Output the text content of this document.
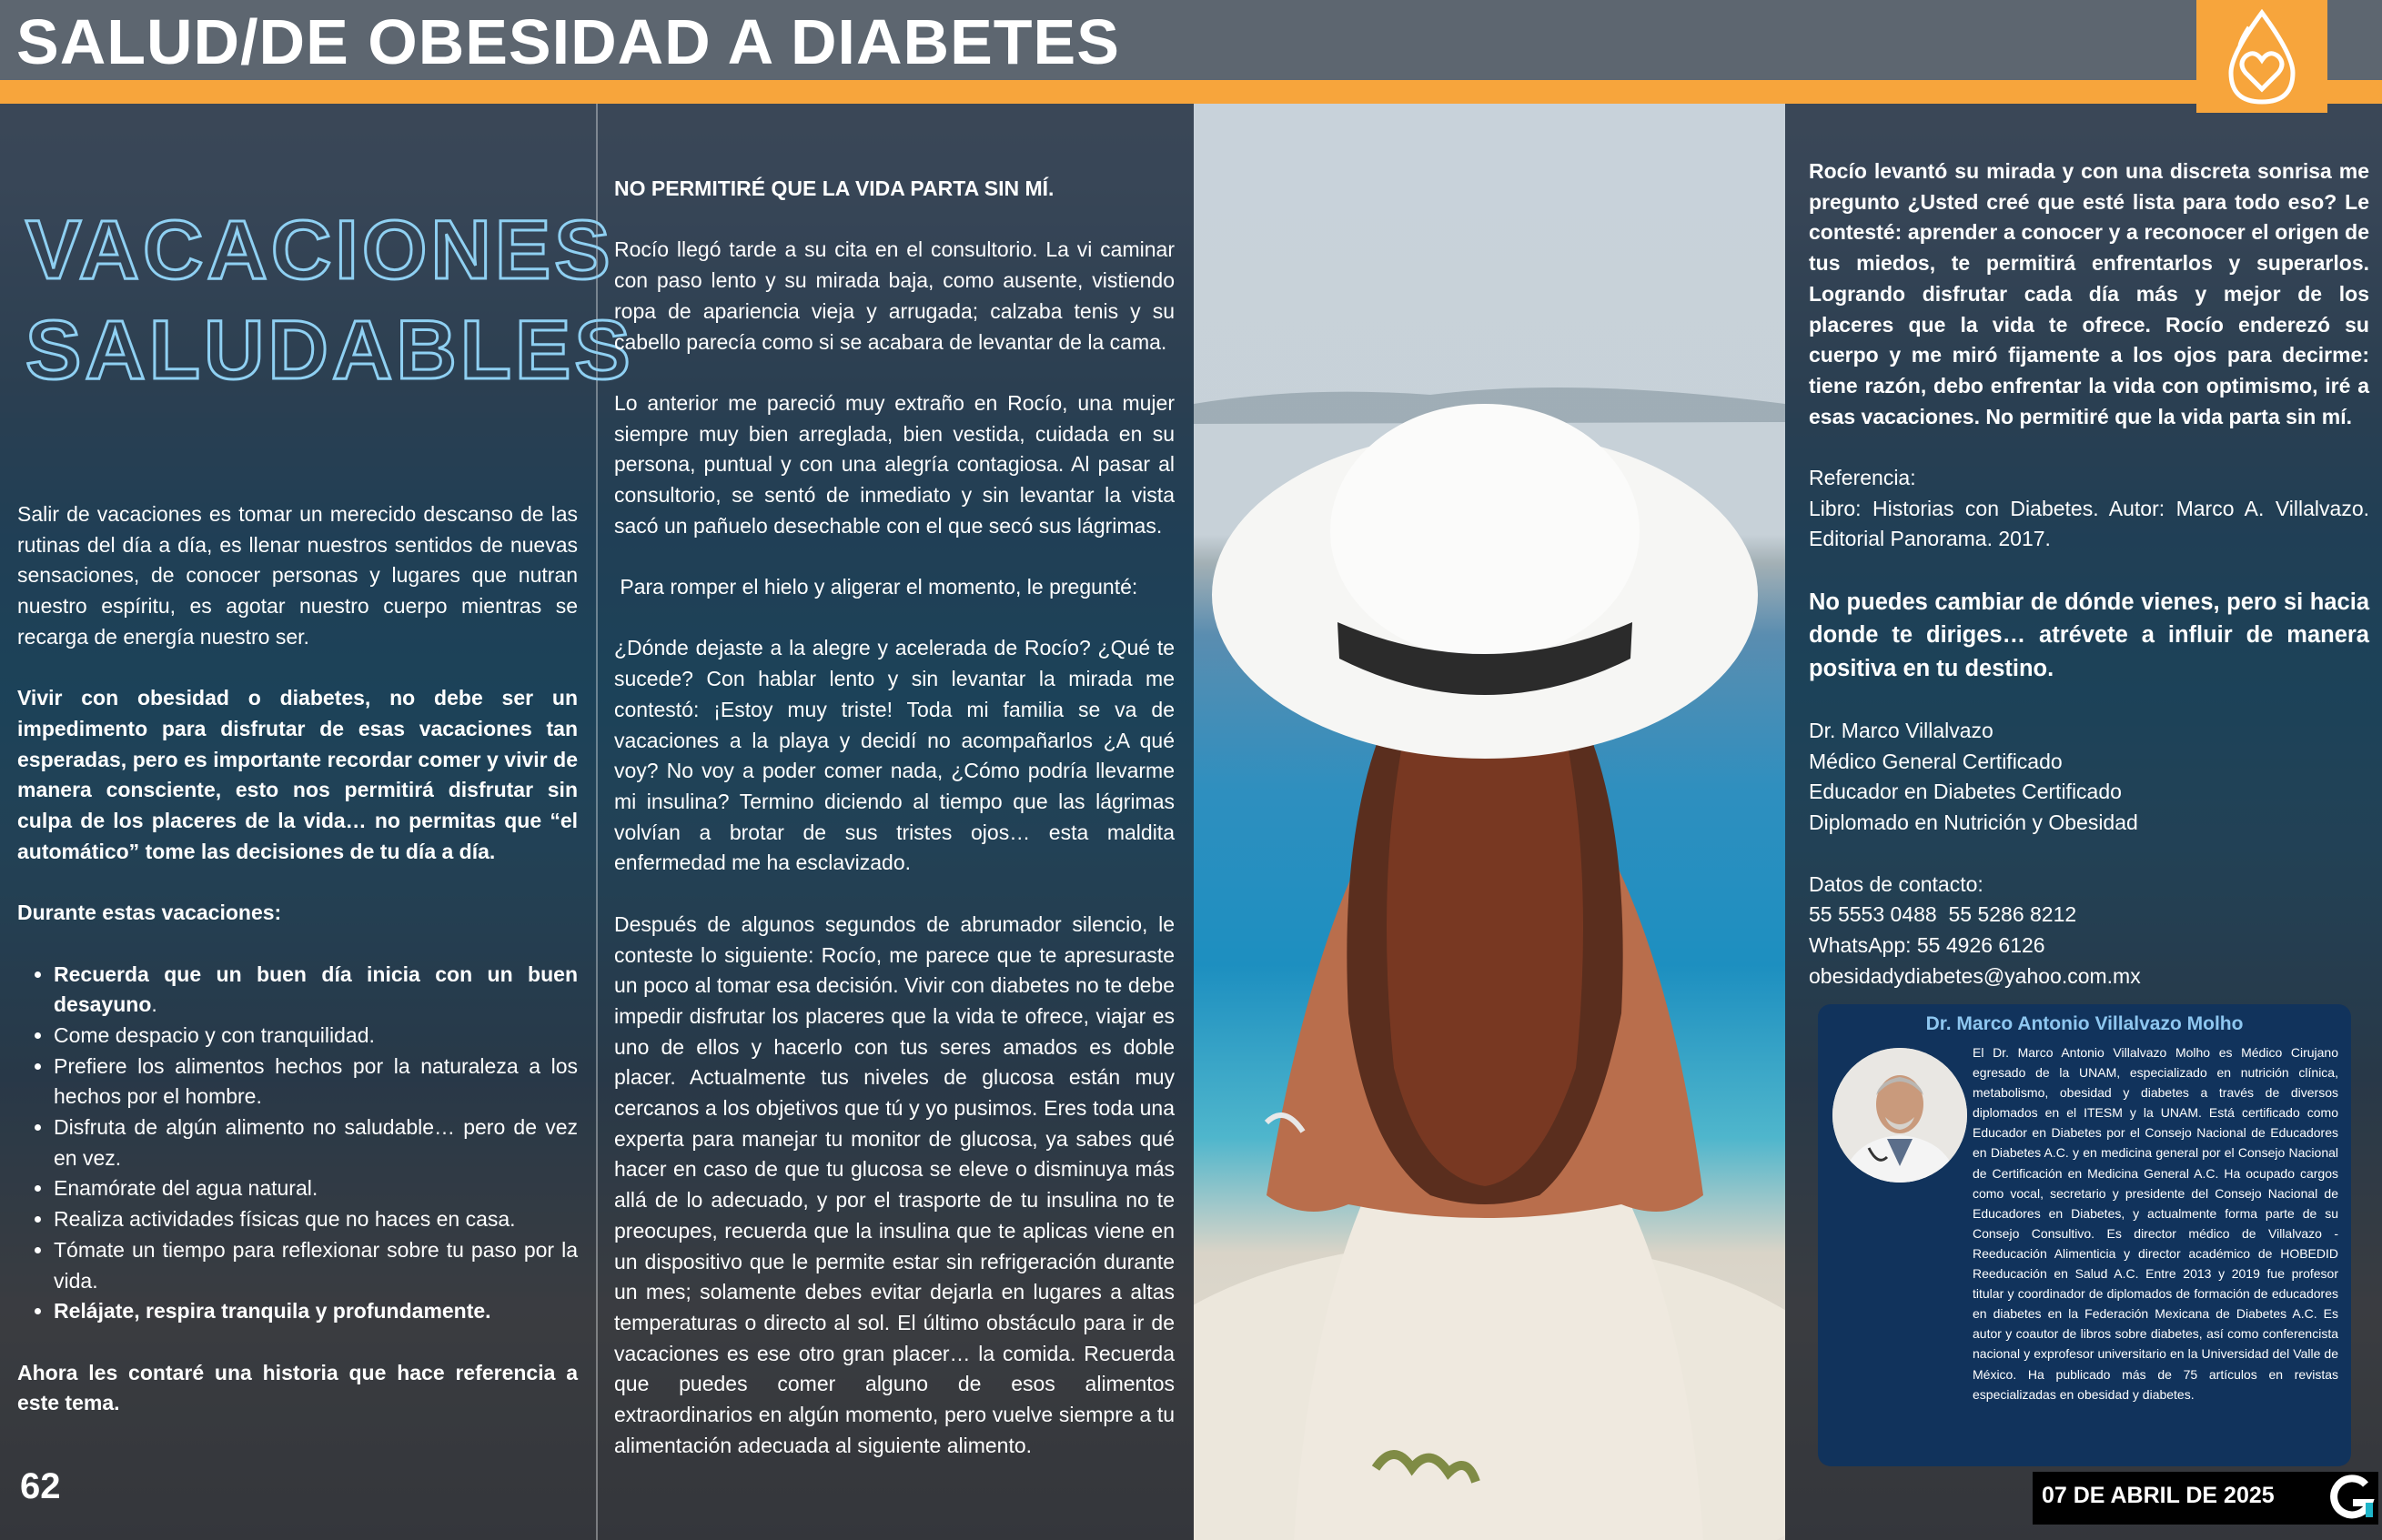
SALUD/DE OBESIDAD A DIABETES
VACACIONES
SALUDABLES

Salir de vacaciones es tomar un merecido descanso de las rutinas del día a día, es llenar nuestros sentidos de nuevas sensaciones, de conocer personas y lugares que nutran nuestro espíritu, es agotar nuestro cuerpo mientras se recarga de energía nuestro ser.

Vivir con obesidad o diabetes, no debe ser un impedimento para disfrutar de esas vacaciones tan esperadas, pero es importante recordar comer y vivir de manera consciente, esto nos permitirá disfrutar sin culpa de los placeres de la vida… no permitas que “el automático” tome las decisiones de tu día a día.

Durante estas vacaciones:

• Recuerda que un buen día inicia con un buen desayuno.
• Come despacio y con tranquilidad.
• Prefiere los alimentos hechos por la naturaleza a los hechos por el hombre.
• Disfruta de algún alimento no saludable… pero de vez en vez.
• Enamórate del agua natural.
• Realiza actividades físicas que no haces en casa.
• Tómate un tiempo para reflexionar sobre tu paso por la vida.
• Relájate, respira tranquila y profundamente.

Ahora les contaré una historia que hace referencia a este tema.

NO PERMITIRÉ QUE LA VIDA PARTA SIN MÍ.

Rocío llegó tarde a su cita en el consultorio. La vi caminar con paso lento y su mirada baja, como ausente, vistiendo ropa de apariencia vieja y arrugada; calzaba tenis y su cabello parecía como si se acabara de levantar de la cama.

Lo anterior me pareció muy extraño en Rocío, una mujer siempre muy bien arreglada, bien vestida, cuidada en su persona, puntual y con una alegría contagiosa. Al pasar al consultorio, se sentó de inmediato y sin levantar la vista sacó un pañuelo desechable con el que secó sus lágrimas.

Para romper el hielo y aligerar el momento, le pregunté:

¿Dónde dejaste a la alegre y acelerada de Rocío? ¿Qué te sucede? Con hablar lento y sin levantar la mirada me contestó: ¡Estoy muy triste! Toda mi familia se va de vacaciones a la playa y decidí no acompañarlos ¿A qué voy? No voy a poder comer nada, ¿Cómo podría llevarme mi insulina? Termino diciendo al tiempo que las lágrimas volvían a brotar de sus tristes ojos… esta maldita enfermedad me ha esclavizado.

Después de algunos segundos de abrumador silencio, le conteste lo siguiente: Rocío, me parece que te apresuraste un poco al tomar esa decisión. Vivir con diabetes no te debe impedir disfrutar los placeres que la vida te ofrece, viajar es uno de ellos y hacerlo con tus seres amados es doble placer. Actualmente tus niveles de glucosa están muy cercanos a los objetivos que tú y yo pusimos. Eres toda una experta para manejar tu monitor de glucosa, ya sabes qué hacer en caso de que tu glucosa se eleve o disminuya más allá de lo adecuado, y por el trasporte de tu insulina no te preocupes, recuerda que la insulina que te aplicas viene en un dispositivo que le permite estar sin refrigeración durante un mes; solamente debes evitar dejarla en lugares a altas temperaturas o directo al sol. El último obstáculo para ir de vacaciones es ese otro gran placer… la comida. Recuerda que puedes comer alguno de esos alimentos extraordinarios en algún momento, pero vuelve siempre a tu alimentación adecuada al siguiente alimento.

Rocío levantó su mirada y con una discreta sonrisa me pregunto ¿Usted creé que esté lista para todo eso? Le contesté: aprender a conocer y a reconocer el origen de tus miedos, te permitirá enfrentarlos y superarlos. Logrando disfrutar cada día más y mejor de los placeres que la vida te ofrece. Rocío enderezó su cuerpo y me miró fijamente a los ojos para decirme: tiene razón, debo enfrentar la vida con optimismo, iré a esas vacaciones. No permitiré que la vida parta sin mí.

Referencia:

Libro: Historias con Diabetes. Autor: Marco A. Villalvazo. Editorial Panorama. 2017.

No puedes cambiar de dónde vienes, pero si hacia donde te diriges… atrévete a influir de manera positiva en tu destino.

Dr. Marco Villalvazo
Médico General Certificado
Educador en Diabetes Certificado
Diplomado en Nutrición y Obesidad
Datos de contacto:
55 5553 0488  55 5286 8212
WhatsApp: 55 4926 6126
obesidadydiabetes@yahoo.com.mx
Dr. Marco Antonio Villalvazo Molho
El Dr. Marco Antonio Villalvazo Molho es Médico Cirujano egresado de la UNAM, especializado en nutrición clínica, metabolismo, obesidad y diabetes a través de diversos diplomados en el ITESM y la UNAM. Está certificado como Educador en Diabetes por el Consejo Nacional de Educadores en Diabetes A.C. y en medicina general por el Consejo Nacional de Certificación en Medicina General A.C. Ha ocupado cargos como vocal, secretario y presidente del Consejo Nacional de Educadores en Diabetes, y actualmente forma parte de su Consejo Consultivo. Es director médico de Villalvazo - Reeducación Alimenticia y director académico de HOBEDID Reeducación en Salud A.C. Entre 2013 y 2019 fue profesor titular y coordinador de diplomados de formación de educadores en diabetes en la Federación Mexicana de Diabetes A.C. Es autor y coautor de libros sobre diabetes, así como conferencista nacional y exprofesor universitario en la Universidad del Valle de México. Ha publicado más de 75 artículos en revistas especializadas en obesidad y diabetes.
62	07 DE ABRIL DE 2025
